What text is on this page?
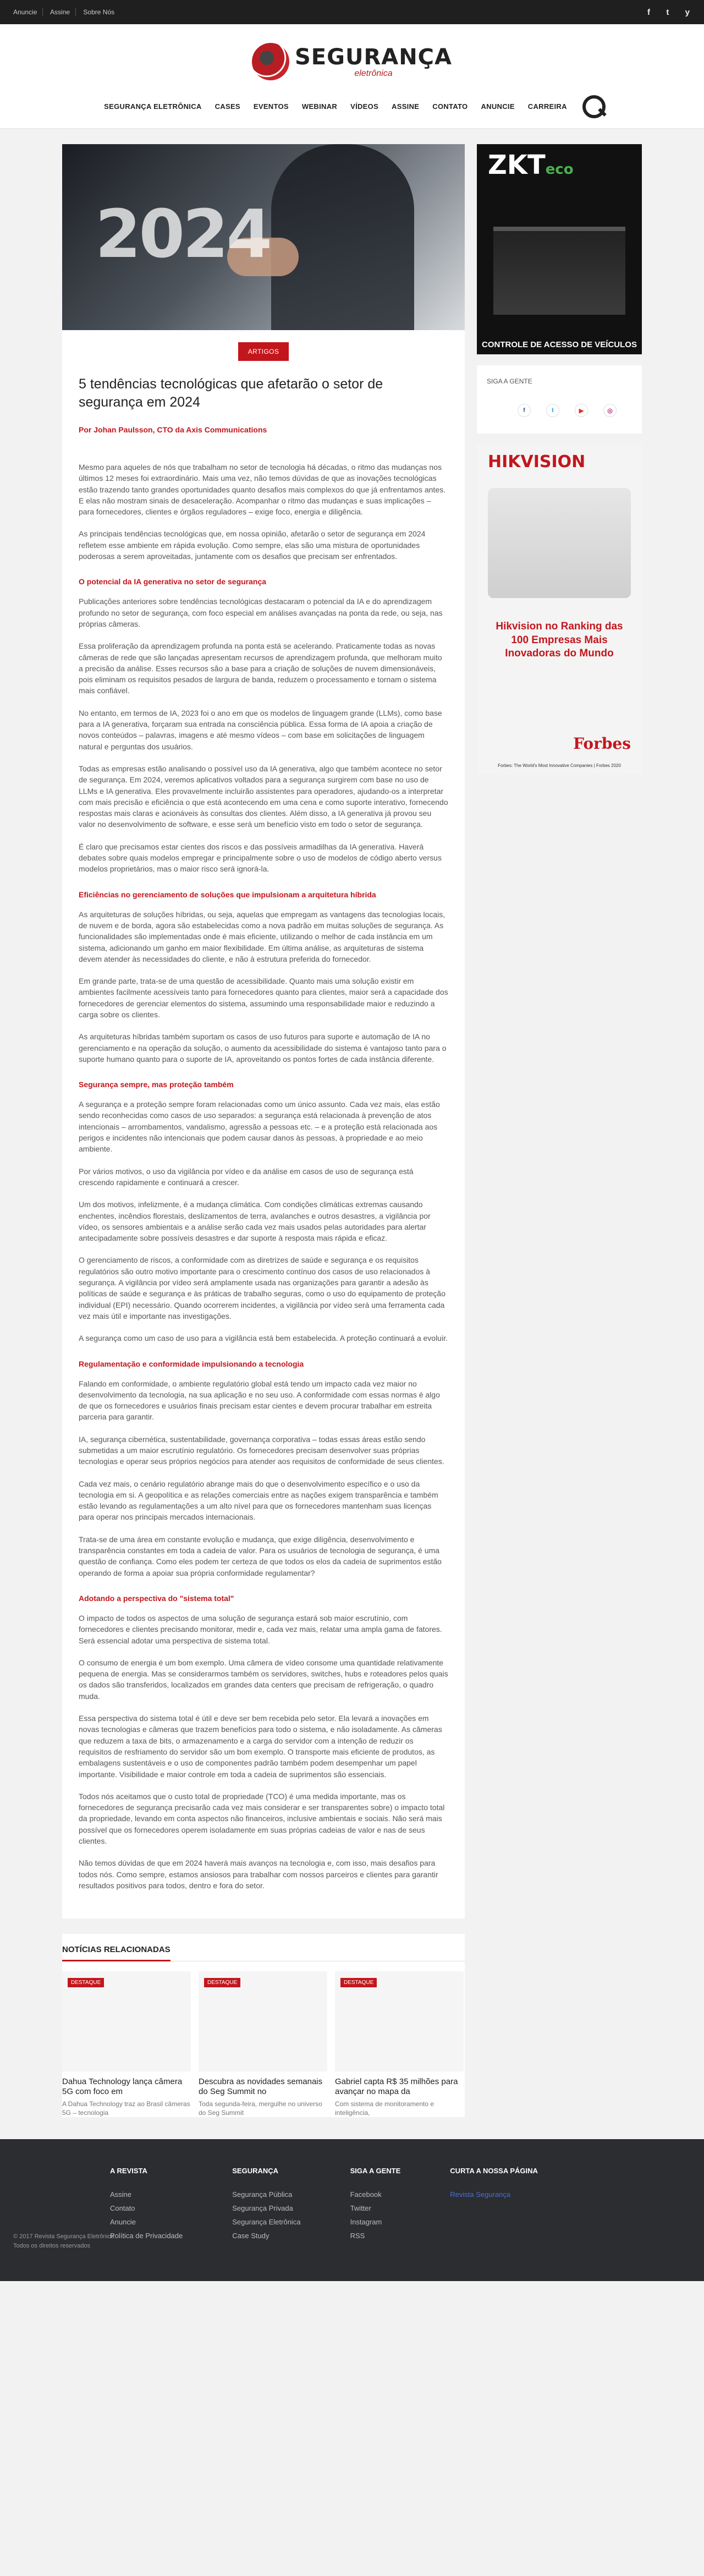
Anuncie Assine Sobre Nós	f t y
SEGURANÇA
eletrônica
SEGURANÇA ELETRÔNICA	CASES	EVENTOS	WEBINAR	VÍDEOS	ASSINE	CONTATO	ANUNCIE	CARREIRA
2024
ARTIGOS
5 tendências tecnológicas que afetarão o setor de segurança em 2024
Por Johan Paulsson, CTO da Axis Communications

Mesmo para aqueles de nós que trabalham no setor de tecnologia há décadas, o ritmo das mudanças nos últimos 12 meses foi extraordinário. Mais uma vez, não temos dúvidas de que as inovações tecnológicas estão trazendo tanto grandes oportunidades quanto desafios mais complexos do que já enfrentamos antes. E elas não mostram sinais de desaceleração. Acompanhar o ritmo das mudanças e suas implicações – para fornecedores, clientes e órgãos reguladores – exige foco, energia e diligência.

As principais tendências tecnológicas que, em nossa opinião, afetarão o setor de segurança em 2024 refletem esse ambiente em rápida evolução. Como sempre, elas são uma mistura de oportunidades poderosas a serem aproveitadas, juntamente com os desafios que precisam ser enfrentados.

O potencial da IA generativa no setor de segurança

Publicações anteriores sobre tendências tecnológicas destacaram o potencial da IA e do aprendizagem profundo no setor de segurança, com foco especial em análises avançadas na ponta da rede, ou seja, nas próprias câmeras.

Essa proliferação da aprendizagem profunda na ponta está se acelerando. Praticamente todas as novas câmeras de rede que são lançadas apresentam recursos de aprendizagem profunda, que melhoram muito a precisão da análise. Esses recursos são a base para a criação de soluções de nuvem dimensionáveis, pois eliminam os requisitos pesados de largura de banda, reduzem o processamento e tornam o sistema mais confiável.

No entanto, em termos de IA, 2023 foi o ano em que os modelos de linguagem grande (LLMs), como base para a IA generativa, forçaram sua entrada na consciência pública. Essa forma de IA apoia a criação de novos conteúdos – palavras, imagens e até mesmo vídeos – com base em solicitações de linguagem natural e perguntas dos usuários.

Todas as empresas estão analisando o possível uso da IA generativa, algo que também acontece no setor de segurança. Em 2024, veremos aplicativos voltados para a segurança surgirem com base no uso de LLMs e IA generativa. Eles provavelmente incluirão assistentes para operadores, ajudando-os a interpretar com mais precisão e eficiência o que está acontecendo em uma cena e como suporte interativo, fornecendo respostas mais claras e acionáveis às consultas dos clientes. Além disso, a IA generativa já provou seu valor no desenvolvimento de software, e esse será um benefício visto em todo o setor de segurança.

É claro que precisamos estar cientes dos riscos e das possíveis armadilhas da IA generativa. Haverá debates sobre quais modelos empregar e principalmente sobre o uso de modelos de código aberto versus modelos proprietários, mas o maior risco será ignorá-la.

Eficiências no gerenciamento de soluções que impulsionam a arquitetura híbrida

As arquiteturas de soluções híbridas, ou seja, aquelas que empregam as vantagens das tecnologias locais, de nuvem e de borda, agora são estabelecidas como a nova padrão em muitas soluções de segurança. As funcionalidades são implementadas onde é mais eficiente, utilizando o melhor de cada instância em um sistema, adicionando um ganho em maior flexibilidade. Em última análise, as arquiteturas de sistema devem atender às necessidades do cliente, e não à estrutura preferida do fornecedor.

Em grande parte, trata-se de uma questão de acessibilidade. Quanto mais uma solução existir em ambientes facilmente acessíveis tanto para fornecedores quanto para clientes, maior será a capacidade dos fornecedores de gerenciar elementos do sistema, assumindo uma responsabilidade maior e reduzindo a carga sobre os clientes.

As arquiteturas híbridas também suportam os casos de uso futuros para suporte e automação de IA no gerenciamento e na operação da solução, o aumento da acessibilidade do sistema é vantajoso tanto para o suporte humano quanto para o suporte de IA, aproveitando os pontos fortes de cada instância diferente.

Segurança sempre, mas proteção também

A segurança e a proteção sempre foram relacionadas como um único assunto. Cada vez mais, elas estão sendo reconhecidas como casos de uso separados: a segurança está relacionada à prevenção de atos intencionais – arrombamentos, vandalismo, agressão a pessoas etc. – e a proteção está relacionada aos perigos e incidentes não intencionais que podem causar danos às pessoas, à propriedade e ao meio ambiente.

Por vários motivos, o uso da vigilância por vídeo e da análise em casos de uso de segurança está crescendo rapidamente e continuará a crescer.

Um dos motivos, infelizmente, é a mudança climática. Com condições climáticas extremas causando enchentes, incêndios florestais, deslizamentos de terra, avalanches e outros desastres, a vigilância por vídeo, os sensores ambientais e a análise serão cada vez mais usados pelas autoridades para alertar antecipadamente sobre possíveis desastres e dar suporte à resposta mais rápida e eficaz.

O gerenciamento de riscos, a conformidade com as diretrizes de saúde e segurança e os requisitos regulatórios são outro motivo importante para o crescimento contínuo dos casos de uso relacionados à segurança. A vigilância por vídeo será amplamente usada nas organizações para garantir a adesão às políticas de saúde e segurança e às práticas de trabalho seguras, como o uso do equipamento de proteção individual (EPI) necessário. Quando ocorrerem incidentes, a vigilância por vídeo será uma ferramenta cada vez mais útil e importante nas investigações.

A segurança como um caso de uso para a vigilância está bem estabelecida. A proteção continuará a evoluir.

Regulamentação e conformidade impulsionando a tecnologia

Falando em conformidade, o ambiente regulatório global está tendo um impacto cada vez maior no desenvolvimento da tecnologia, na sua aplicação e no seu uso. A conformidade com essas normas é algo de que os fornecedores e usuários finais precisam estar cientes e devem procurar trabalhar em estreita parceria para garantir.

IA, segurança cibernética, sustentabilidade, governança corporativa – todas essas áreas estão sendo submetidas a um maior escrutínio regulatório. Os fornecedores precisam desenvolver suas próprias tecnologias e operar seus próprios negócios para atender aos requisitos de conformidade de seus clientes.

Cada vez mais, o cenário regulatório abrange mais do que o desenvolvimento específico e o uso da tecnologia em si. A geopolítica e as relações comerciais entre as nações exigem transparência e também estão levando as regulamentações a um alto nível para que os fornecedores mantenham suas licenças para operar nos principais mercados internacionais.

Trata-se de uma área em constante evolução e mudança, que exige diligência, desenvolvimento e transparência constantes em toda a cadeia de valor. Para os usuários de tecnologia de segurança, é uma questão de confiança. Como eles podem ter certeza de que todos os elos da cadeia de suprimentos estão operando de forma a apoiar sua própria conformidade regulamentar?

Adotando a perspectiva do "sistema total"

O impacto de todos os aspectos de uma solução de segurança estará sob maior escrutínio, com fornecedores e clientes precisando monitorar, medir e, cada vez mais, relatar uma ampla gama de fatores. Será essencial adotar uma perspectiva de sistema total.

O consumo de energia é um bom exemplo. Uma câmera de vídeo consome uma quantidade relativamente pequena de energia. Mas se considerarmos também os servidores, switches, hubs e roteadores pelos quais os dados são transferidos, localizados em grandes data centers que precisam de refrigeração, o quadro muda.

Essa perspectiva do sistema total é útil e deve ser bem recebida pelo setor. Ela levará a inovações em novas tecnologias e câmeras que trazem benefícios para todo o sistema, e não isoladamente. As câmeras que reduzem a taxa de bits, o armazenamento e a carga do servidor com a intenção de reduzir os requisitos de resfriamento do servidor são um bom exemplo. O transporte mais eficiente de produtos, as embalagens sustentáveis e o uso de componentes padrão também podem desempenhar um papel importante. Visibilidade e maior controle em toda a cadeia de suprimentos são essenciais.

Todos nós aceitamos que o custo total de propriedade (TCO) é uma medida importante, mas os fornecedores de segurança precisarão cada vez mais considerar e ser transparentes sobre) o impacto total da propriedade, levando em conta aspectos não financeiros, inclusive ambientais e sociais. Não será mais possível que os fornecedores operem isoladamente em suas próprias cadeias de valor e nas de seus clientes.

Não temos dúvidas de que em 2024 haverá mais avanços na tecnologia e, com isso, mais desafios para todos nós. Como sempre, estamos ansiosos para trabalhar com nossos parceiros e clientes para garantir resultados positivos para todos, dentro e fora do setor.

NOTÍCIAS RELACIONADAS
DESTAQUE
Dahua Technology lança câmera 5G com foco em
A Dahua Technology traz ao Brasil câmeras 5G – tecnologia
DESTAQUE
Descubra as novidades semanais do Seg Summit no
Toda segunda-feira, mergulhe no universo do Seg Summit
DESTAQUE
Gabriel capta R$ 35 milhões para avançar no mapa da
Com sistema de monitoramento e inteligência,
ZKTeco
CONTROLE DE ACESSO DE VEÍCULOS
SIGA A GENTE
f	t	▶	◎
HIKVISION
Hikvision no Ranking das 100 Empresas Mais Inovadoras do Mundo
Forbes
Forbes: The World's Most Innovative Companies | Forbes 2020
A REVISTA
Assine
Contato
Anuncie
Política de Privacidade
SEGURANÇA
Segurança Pública
Segurança Privada
Segurança Eletrônica
Case Study
SIGA A GENTE
Facebook
Twitter
Instagram
RSS
CURTA A NOSSA PÁGINA
Revista Segurança
© 2017 Revista Segurança Eletrônica
Todos os direitos reservados
